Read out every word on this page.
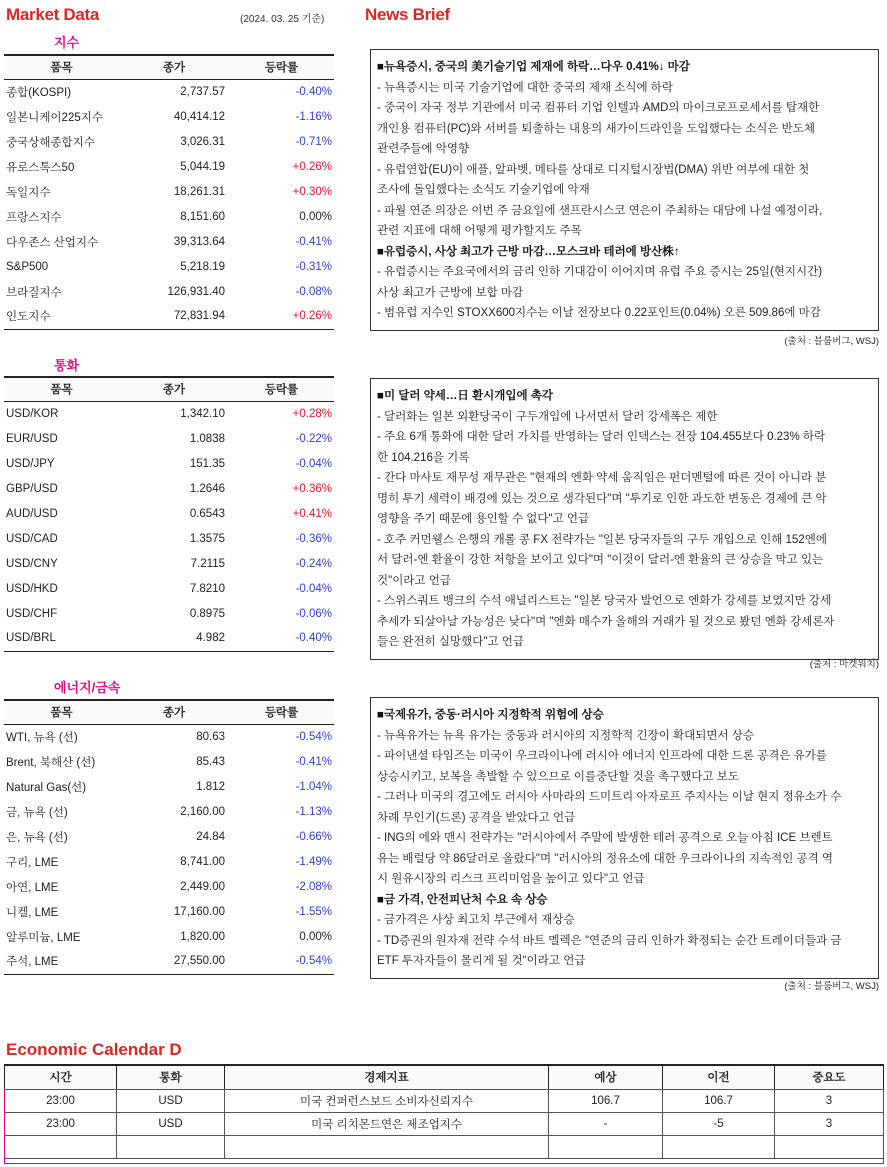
Market Data	(2024. 03. 25 기준) News Brief
지수
품목	종가	등락률
종합(KOSPI)	2,737.57	-0.40%
일본니케이225지수	40,414.12	-1.16%
중국상해종합지수	3,026.31	-0.71%
유로스톡스50	5,044.19	+0.26%
독일지수	18,261.31	+0.30%
프랑스지수	8,151.60	0.00%
다우존스 산업지수	39,313.64	-0.41%
S&P500	5,218.19	-0.31%
브라질지수	126,931.40	-0.08%
인도지수	72,831.94	+0.26%
통화
품목	종가	등락률
USD/KOR	1,342.10	+0.28%
EUR/USD	1.0838	-0.22%
USD/JPY	151.35	-0.04%
GBP/USD	1.2646	+0.36%
AUD/USD	0.6543	+0.41%
USD/CAD	1.3575	-0.36%
USD/CNY	7.2115	-0.24%
USD/HKD	7.8210	-0.04%
USD/CHF	0.8975	-0.06%
USD/BRL	4.982	-0.40%
에너지/금속
품목	종가	등락률
WTI, 뉴욕 (선)	80.63	-0.54%
Brent, 북해산 (선)	85.43	-0.41%
Natural Gas(선)	1.812	-1.04%
금, 뉴욕 (선)	2,160.00	-1.13%
은, 뉴욕 (선)	24.84	-0.66%
구리, LME	8,741.00	-1.49%
아연, LME	2,449.00	-2.08%
니켈, LME	17,160.00	-1.55%
알루미늄, LME	1,820.00	0.00%
주석, LME	27,550.00	-0.54%
■뉴욕증시, 중국의 美기술기업 제재에 하락…다우 0.41%↓ 마감
- 뉴욕증시는 미국 기술기업에 대한 중국의 제재 소식에 하락
- 중국이 자국 정부 기관에서 미국 컴퓨터 기업 인텔과 AMD의 마이크로프로세서를 탑재한
개인용 컴퓨터(PC)와 서버를 퇴출하는 내용의 새가이드라인을 도입했다는 소식은 반도체
관련주들에 악영향
- 유럽연합(EU)이 애플, 알파벳, 메타를 상대로 디지털시장법(DMA) 위반 여부에 대한 첫
조사에 돌입했다는 소식도 기술기업에 악재
- 파월 연준 의장은 이번 주 금요일에 샌프란시스코 연은이 주최하는 대담에 나설 예정이라,
관련 지표에 대해 어떻게 평가할지도 주목
■유럽증시, 사상 최고가 근방 마감…모스크바 테러에 방산株↑
- 유럽증시는 주요국에서의 금리 인하 기대감이 이어지며 유럽 주요 증시는 25일(현지시간)
사상 최고가 근방에 보합 마감
- 범유럽 지수인 STOXX600지수는 이날 전장보다 0.22포인트(0.04%) 오른 509.86에 마감
(출처 : 블룸버그, WSJ)
■미 달러 약세…日 환시개입에 촉각
- 달러화는 일본 외환당국이 구두개입에 나서면서 달러 강세폭은 제한
- 주요 6개 통화에 대한 달러 가치를 반영하는 달러 인덱스는 전장 104.455보다 0.23% 하락
한 104.216을 기록
- 간다 마사토 재무성 재무관은 "현재의 엔화 약세 움직임은 펀더멘털에 따른 것이 아니라 분
명히 투기 세력이 배경에 있는 것으로 생각된다"며 "투기로 인한 과도한 변동은 경제에 큰 악
영향을 주기 때문에 용인할 수 없다"고 언급
- 호주 커먼웰스 은행의 캐롤 콩 FX 전략가는 "일본 당국자들의 구두 개입으로 인해 152엔에
서 달러-엔 환율이 강한 저항을 보이고 있다"며 "이것이 달러-엔 환율의 큰 상승을 막고 있는
것"이라고 언급
- 스위스쿼트 뱅크의 수석 애널리스트는 "일본 당국자 발언으로 엔화가 강세를 보였지만 강세
추세가 되살아날 가능성은 낮다"며 "엔화 매수가 올해의 거래가 될 것으로 봤던 엔화 강세론자
들은 완전히 실망했다"고 언급
(출처 : 마켓워치)
■국제유가, 중동·러시아 지정학적 위험에 상승
- 뉴욕유가는 뉴욕 유가는 중동과 러시아의 지정학적 긴장이 확대되면서 상승
- 파이낸셜 타임즈는 미국이 우크라이나에 러시아 에너지 인프라에 대한 드론 공격은 유가를
상승시키고, 보복을 촉발할 수 있으므로 이를중단할 것을 촉구했다고 보도
- 그러나 미국의 경고에도 러시아 사마라의 드미트리 아자로프 주지사는 이날 현지 정유소가 수
차례 무인기(드론) 공격을 받았다고 언급
- ING의 에와 맨시 전략가는 "러시아에서 주말에 발생한 테러 공격으로 오늘 아침 ICE 브렌트
유는 배럴당 약 86달러로 올랐다"며 "러시아의 정유소에 대한 우크라이나의 지속적인 공격 역
시 원유시장의 리스크 프리미엄을 높이고 있다"고 언급
■금 가격, 안전피난처 수요 속 상승
- 금가격은 사상 최고치 부근에서 재상승
- TD증권의 원자재 전략 수석 바트 멜렉은 "연준의 금리 인하가 확정되는 순간 트레이더들과 금
ETF 투자자들이 몰리게 될 것"이라고 언급
(출처 : 블룸버그, WSJ)
Economic Calendar D
시간	통화	경제지표	예상	이전	중요도
23:00	USD	미국 컨퍼런스보드 소비자신뢰지수	106.7	106.7	3
23:00	USD	미국 리치몬드연은 제조업지수	-	-5	3
